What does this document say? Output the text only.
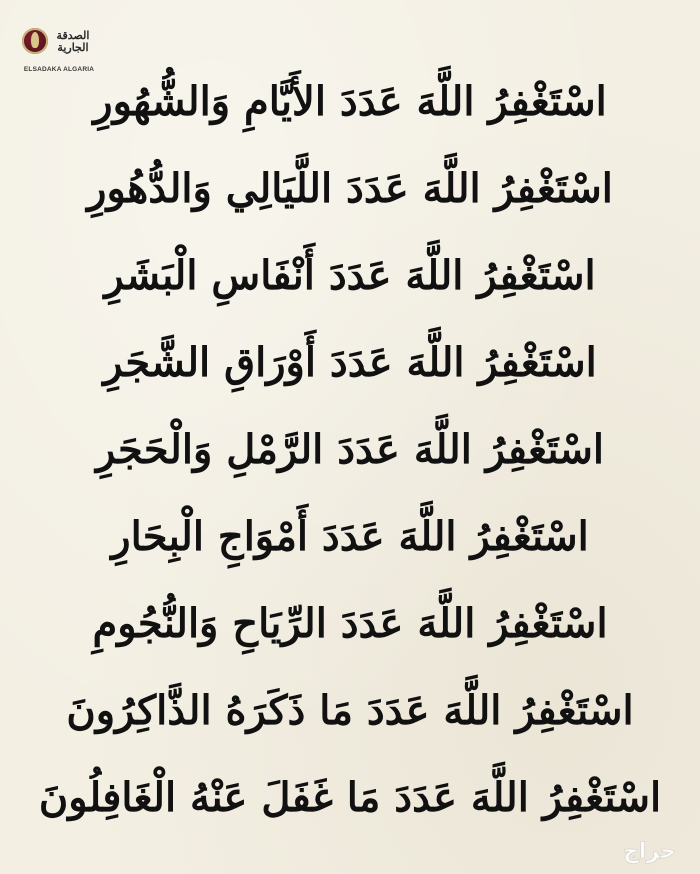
الصدقة الجارية
ELSADAKA ALGARIA
اسْتَغْفِرُ اللَّهَ عَدَدَ الأَيَّامِ وَالشُّهُورِ
اسْتَغْفِرُ اللَّهَ عَدَدَ اللَّيَالِي وَالدُّهُورِ
اسْتَغْفِرُ اللَّهَ عَدَدَ أَنْفَاسِ الْبَشَرِ
اسْتَغْفِرُ اللَّهَ عَدَدَ أَوْرَاقِ الشَّجَرِ
اسْتَغْفِرُ اللَّهَ عَدَدَ الرَّمْلِ وَالْحَجَرِ
اسْتَغْفِرُ اللَّهَ عَدَدَ أَمْوَاجِ الْبِحَارِ
اسْتَغْفِرُ اللَّهَ عَدَدَ الرِّيَاحِ وَالنُّجُومِ
اسْتَغْفِرُ اللَّهَ عَدَدَ مَا ذَكَرَهُ الذَّاكِرُونَ
اسْتَغْفِرُ اللَّهَ عَدَدَ مَا غَفَلَ عَنْهُ الْغَافِلُونَ
حراج
